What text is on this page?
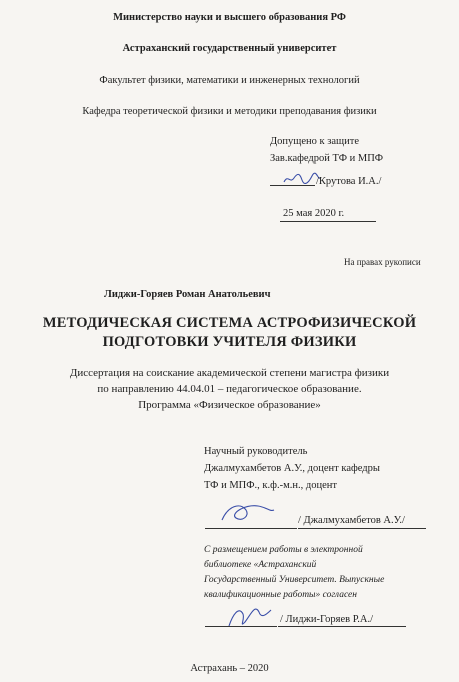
Министерство науки и высшего образования РФ
Астраханский государственный университет
Факультет физики, математики и инженерных технологий
Кафедра теоретической физики и методики преподавания физики
Допущено к защите
Зав.кафедрой ТФ и МПФ
/Крутова И.А./
25 мая 2020 г.
На правах рукописи
Лиджи-Горяев Роман Анатольевич
МЕТОДИЧЕСКАЯ СИСТЕМА АСТРОФИЗИЧЕСКОЙ
ПОДГОТОВКИ УЧИТЕЛЯ ФИЗИКИ
Диссертация на соискание академической степени магистра физики
по направлению 44.04.01 – педагогическое образование.
Программа «Физическое образование»
Научный руководитель
Джалмухамбетов А.У., доцент кафедры
ТФ и МПФ., к.ф.-м.н., доцент
/ Джалмухамбетов А.У./
С размещением работы в электронной
библиотеке «Астраханский
Государственный Университет. Выпускные
квалификационные работы» согласен
/ Лиджи-Горяев Р.А./
Астрахань – 2020
